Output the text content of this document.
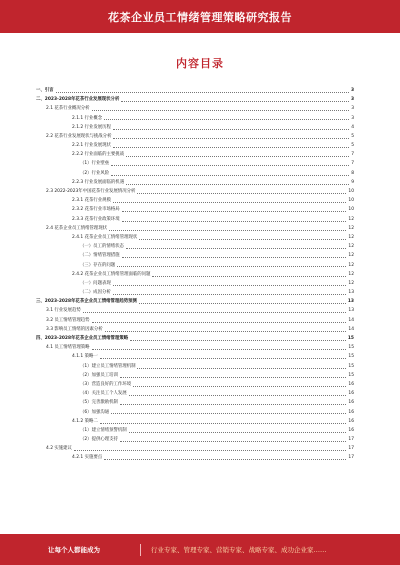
花茶企业员工情绪管理策略研究报告
内容目录
一、引言	3
二、2023-2028年花茶行业发展现状分析	3
2.1 花茶行业概况分析	3
2.1.1 行业概念	3
2.1.2 行业发展历程	4
2.2 花茶行业发展现状与挑战分析	5
2.2.1 行业发展现状	5
2.2.2 行业面临的主要挑战	7
（1）行业壁垒	7
（2）行业风险	8
2.2.3 行业发展面临的机遇	9
2.3 2022-2023年中国花茶行业发展情况分析	10
2.3.1 花茶行业规模	10
2.3.2 花茶行业市场格局	10
2.3.3 花茶行业政策环境	12
2.4 花茶企业员工情绪管理现状	12
2.4.1 花茶企业员工情绪管理现状	12
（一）员工的情绪状态	12
（二）情绪管理措施	12
（三）存在的问题	12
2.4.2 花茶企业员工情绪管理面临的问题	12
（一）问题表现	12
（二）成因分析	13
三、2023-2028年花茶企业员工情绪管理趋势预测	13
3.1 行业发展趋势	13
3.2 员工情绪管理趋势	14
3.3 影响员工情绪的因素分析	14
四、2023-2028年花茶企业员工情绪管理策略	15
4.1 员工情绪管理策略	15
4.1.1 策略一	15
（1）建立员工情绪管理机制	15
（2）加强员工培训	15
（3）营造良好的工作环境	16
（4）关注员工个人发展	16
（5）完善激励机制	16
（6）加强沟通	16
4.1.2 策略二	16
（1）建立情绪预警机制	16
（2）提供心理支持	17
4.2 实施建议	17
4.2.1 实施要点	17
让每个人都能成为	行业专家、管理专家、营销专家、战略专家、成功企业家……
